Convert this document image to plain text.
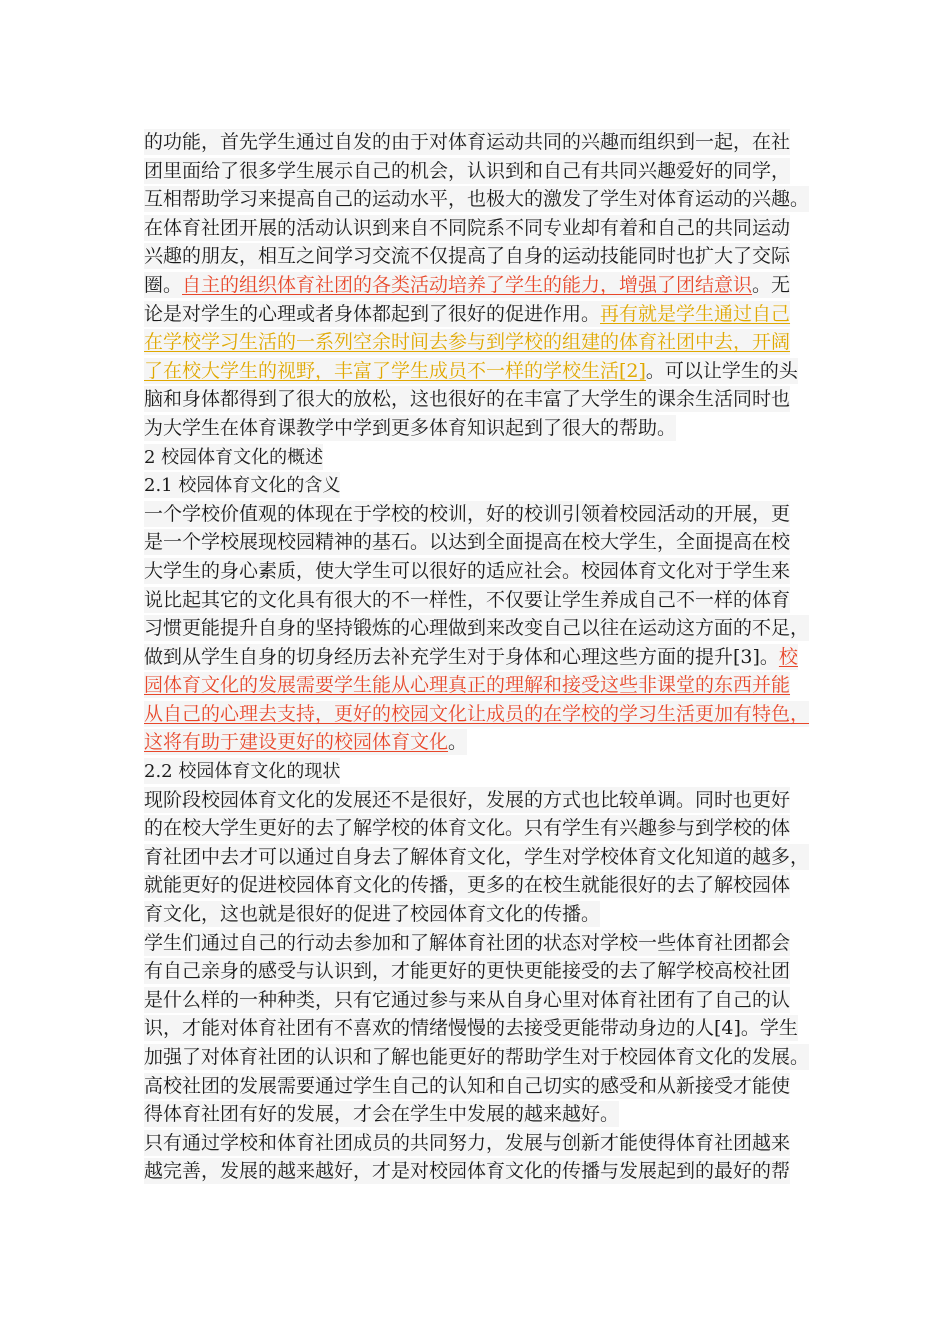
的功能，首先学生通过自发的由于对体育运动共同的兴趣而组织到一起，在社
团里面给了很多学生展示自己的机会，认识到和自己有共同兴趣爱好的同学，
互相帮助学习来提高自己的运动水平，也极大的激发了学生对体育运动的兴趣。
在体育社团开展的活动认识到来自不同院系不同专业却有着和自己的共同运动
兴趣的朋友，相互之间学习交流不仅提高了自身的运动技能同时也扩大了交际
圈。自主的组织体育社团的各类活动培养了学生的能力，增强了团结意识。无
论是对学生的心理或者身体都起到了很好的促进作用。再有就是学生通过自己
在学校学习生活的一系列空余时间去参与到学校的组建的体育社团中去，开阔
了在校大学生的视野，丰富了学生成员不一样的学校生活[2]。可以让学生的头
脑和身体都得到了很大的放松，这也很好的在丰富了大学生的课余生活同时也
为大学生在体育课教学中学到更多体育知识起到了很大的帮助。
2 校园体育文化的概述
2.1 校园体育文化的含义
一个学校价值观的体现在于学校的校训，好的校训引领着校园活动的开展，更
是一个学校展现校园精神的基石。以达到全面提高在校大学生，全面提高在校
大学生的身心素质，使大学生可以很好的适应社会。校园体育文化对于学生来
说比起其它的文化具有很大的不一样性，不仅要让学生养成自己不一样的体育
习惯更能提升自身的坚持锻炼的心理做到来改变自己以往在运动这方面的不足，
做到从学生自身的切身经历去补充学生对于身体和心理这些方面的提升[3]。校
园体育文化的发展需要学生能从心理真正的理解和接受这些非课堂的东西并能
从自己的心理去支持，更好的校园文化让成员的在学校的学习生活更加有特色，
这将有助于建设更好的校园体育文化。
2.2 校园体育文化的现状
现阶段校园体育文化的发展还不是很好，发展的方式也比较单调。同时也更好
的在校大学生更好的去了解学校的体育文化。只有学生有兴趣参与到学校的体
育社团中去才可以通过自身去了解体育文化，学生对学校体育文化知道的越多，
就能更好的促进校园体育文化的传播，更多的在校生就能很好的去了解校园体
育文化，这也就是很好的促进了校园体育文化的传播。
学生们通过自己的行动去参加和了解体育社团的状态对学校一些体育社团都会
有自己亲身的感受与认识到，才能更好的更快更能接受的去了解学校高校社团
是什么样的一种种类，只有它通过参与来从自身心里对体育社团有了自己的认
识，才能对体育社团有不喜欢的情绪慢慢的去接受更能带动身边的人[4]。学生
加强了对体育社团的认识和了解也能更好的帮助学生对于校园体育文化的发展。
高校社团的发展需要通过学生自己的认知和自己切实的感受和从新接受才能使
得体育社团有好的发展，才会在学生中发展的越来越好。
只有通过学校和体育社团成员的共同努力，发展与创新才能使得体育社团越来
越完善，发展的越来越好，才是对校园体育文化的传播与发展起到的最好的帮
